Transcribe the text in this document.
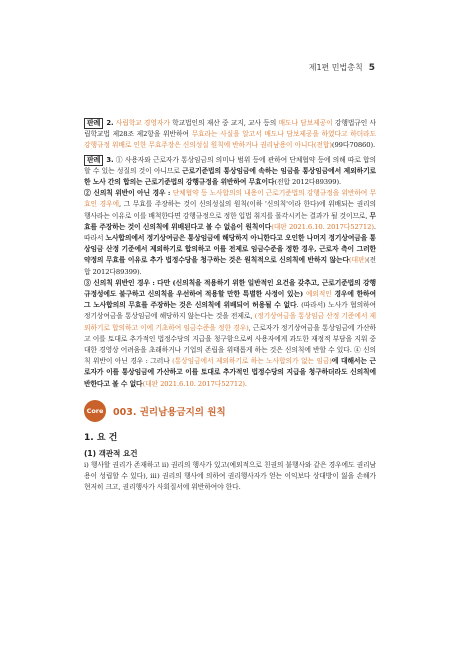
제1편 민법총칙 5

판례 2. 사립학교 경영자가 학교법인의 재산 중 교지, 교사 등의 매도나 담보제공이 강행법규인 사립학교법 제28조 제2항을 위반하여 무효라는 사실을 알고서 매도나 담보제공을 하였다고 하더라도 강행규정 위배로 인한 무효주장은 신의성실 원칙에 반하거나 권리남용이 아니다(전합)(99다70860).

판례 3. ① 사용자와 근로자가 통상임금의 의미나 범위 등에 관하여 단체협약 등에 의해 따로 합의할 수 있는 성질의 것이 아니므로 근로기준법의 통상임금에 속하는 임금을 통상임금에서 제외하기로 한 노사 간의 합의는 근로기준법의 강행규정을 위반하여 무효이다(전합 2012다89399).

② 신의칙 위반이 아닌 경우 : 단체협약 등 노사합의의 내용이 근로기준법의 강행규정을 위반하여 무효인 경우에, 그 무효를 주장하는 것이 신의성실의 원칙(이하 '신의칙'이라 한다)에 위배되는 권리의 행사라는 이유로 이를 배척한다면 강행규정으로 정한 입법 취지를 몰각시키는 결과가 될 것이므로, 무효를 주장하는 것이 신의칙에 위배된다고 볼 수 없음이 원칙이다(대판 2021.6.10. 2017다52712). 따라서 노사합의에서 정기상여금은 통상임금에 해당하지 아니한다고 오인한 나머지 정기상여금을 통상임금 산정 기준에서 제외하기로 합의하고 이를 전제로 임금수준을 정한 경우, 근로자 측이 그러한 약정의 무효를 이유로 추가 법정수당을 청구하는 것은 원칙적으로 신의칙에 반하지 않는다(대판)(전합 2012다89399).

③ 신의칙 위반인 경우 : 다만 (신의칙을 적용하기 위한 일반적인 요건을 갖추고, 근로기준법의 강행규정성에도 불구하고 신의칙을 우선하여 적용할 만한 특별한 사정이 있는) 예외적인 경우에 한하여 그 노사합의의 무효를 주장하는 것은 신의칙에 위배되어 허용될 수 없다. (따라서) 노사가 협의하여 정기상여금을 통상임금에 해당하지 않는다는 것을 전제로, (정기상여금을 통상임금 산정 기준에서 제외하기로 합의하고 이에 기초하여 임금수준을 정한 경우), 근로자가 정기상여금을 통상임금에 가산하고 이를 토대로 추가적인 법정수당의 지급을 청구함으로써 사용자에게 과도한 재정적 부담을 지워 중대한 경영상 어려움을 초래하거나 기업의 존립을 위태롭게 하는 것은 신의칙에 반할 수 있다. ④ 신의칙 위반이 아닌 경우 : 그러나 (통상임금에서 제외하기로 하는 노사합의가 없는 임금)에 대해서는 근로자가 이를 통상임금에 가산하고 이를 토대로 추가적인 법정수당의 지급을 청구하더라도 신의칙에 반한다고 볼 수 없다(대판 2021.6.10. 2017다52712).

Core 003. 권리남용금지의 원칙
1. 요 건
(1) 객관적 요건

ⅰ) 행사할 권리가 존재하고 ⅱ) 권리의 행사가 있고(예외적으로 친권의 불행사와 같은 경우에도 권리남용이 성립할 수 있다), ⅲ) 권리의 행사에 의하여 권리행사자가 얻는 이익보다 상대방이 잃을 손해가 현저히 크고, 권리행사가 사회질서에 위반하여야 한다.
